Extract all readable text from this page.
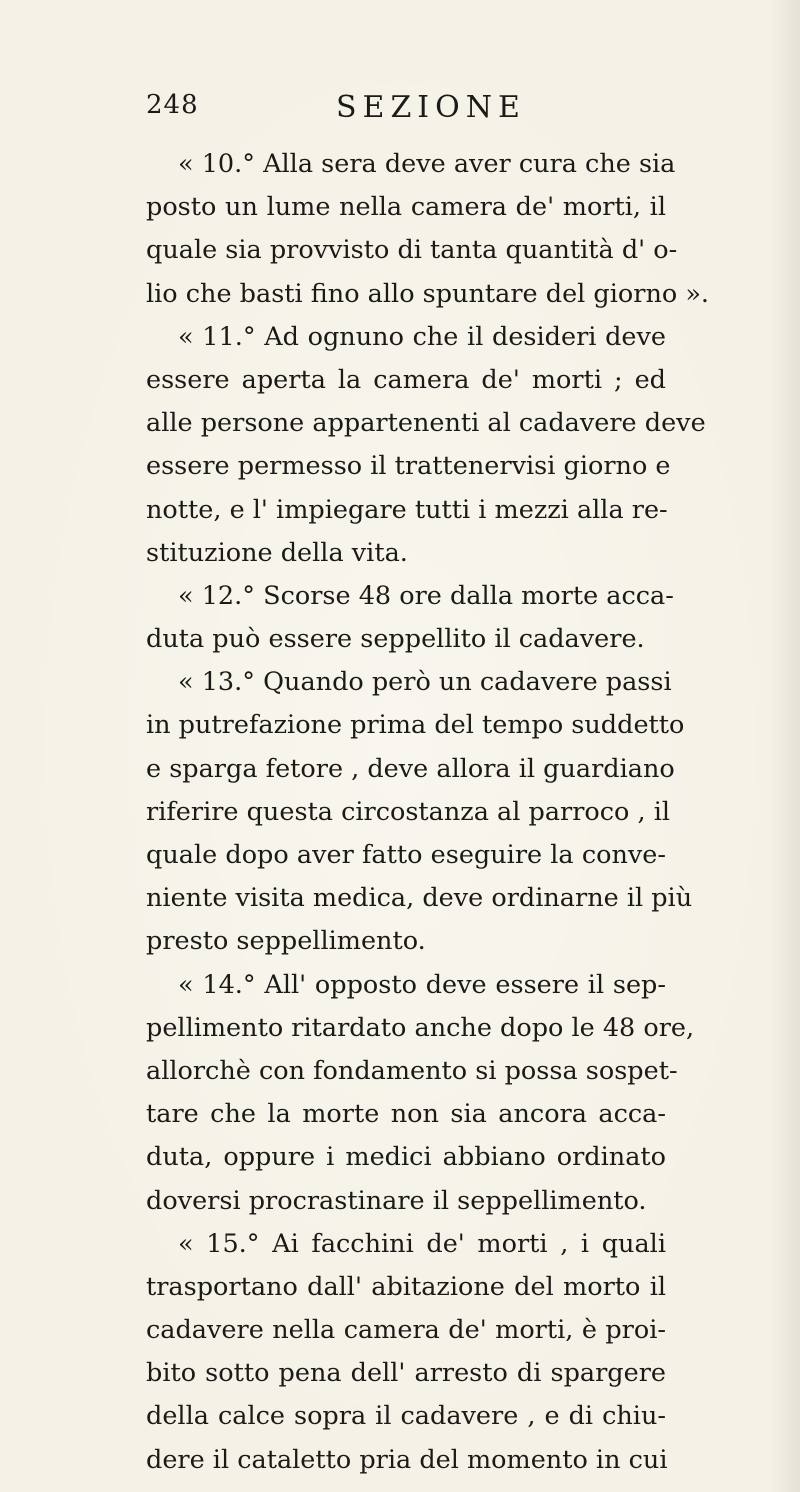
248	SEZIONE
« 10.° Alla sera deve aver cura che sia
posto un lume nella camera de' morti, il
quale sia provvisto di tanta quantità d' o-
lio che basti fino allo spuntare del giorno ».
« 11.° Ad ognuno che il desideri deve
essere aperta la camera de' morti ; ed
alle persone appartenenti al cadavere deve
essere permesso il trattenervisi giorno e
notte, e l' impiegare tutti i mezzi alla re-
stituzione della vita.
« 12.° Scorse 48 ore dalla morte acca-
duta può essere seppellito il cadavere.
« 13.° Quando però un cadavere passi
in putrefazione prima del tempo suddetto
e sparga fetore , deve allora il guardiano
riferire questa circostanza al parroco , il
quale dopo aver fatto eseguire la conve-
niente visita medica, deve ordinarne il più
presto seppellimento.
« 14.° All' opposto deve essere il sep-
pellimento ritardato anche dopo le 48 ore,
allorchè con fondamento si possa sospet-
tare che la morte non sia ancora acca-
duta, oppure i medici abbiano ordinato
doversi procrastinare il seppellimento.
« 15.° Ai facchini de' morti , i quali
trasportano dall' abitazione del morto il
cadavere nella camera de' morti, è proi-
bito sotto pena dell' arresto di spargere
della calce sopra il cadavere , e di chiu-
dere il cataletto pria del momento in cui
